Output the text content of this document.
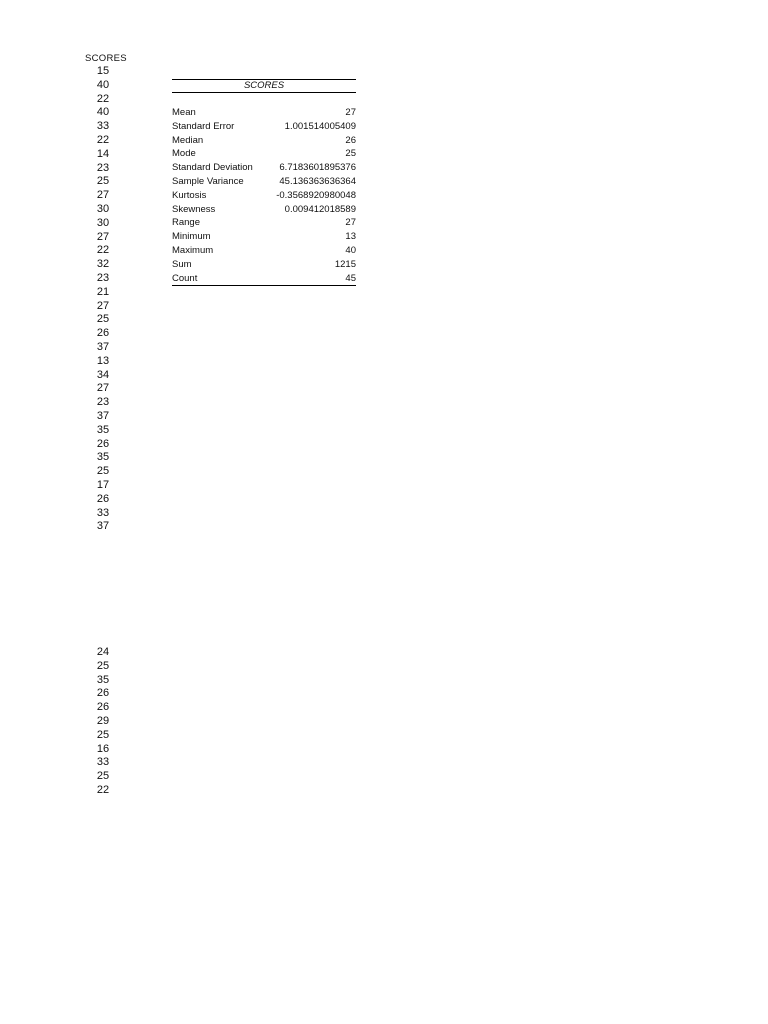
SCORES
15
40
22
40
33
22
14
23
25
27
30
30
27
22
32
23
21
27
25
26
37
13
34
27
23
37
35
26
35
25
17
26
33
37
24
25
35
26
26
29
25
16
33
25
22
SCORES	

Mean	27
Standard Error	1.001514005409
Median	26
Mode	25
Standard Deviation	6.7183601895376
Sample Variance	45.136363636364
Kurtosis	-0.3568920980048
Skewness	0.009412018589
Range	27
Minimum	13
Maximum	40
Sum	1215
Count	45
